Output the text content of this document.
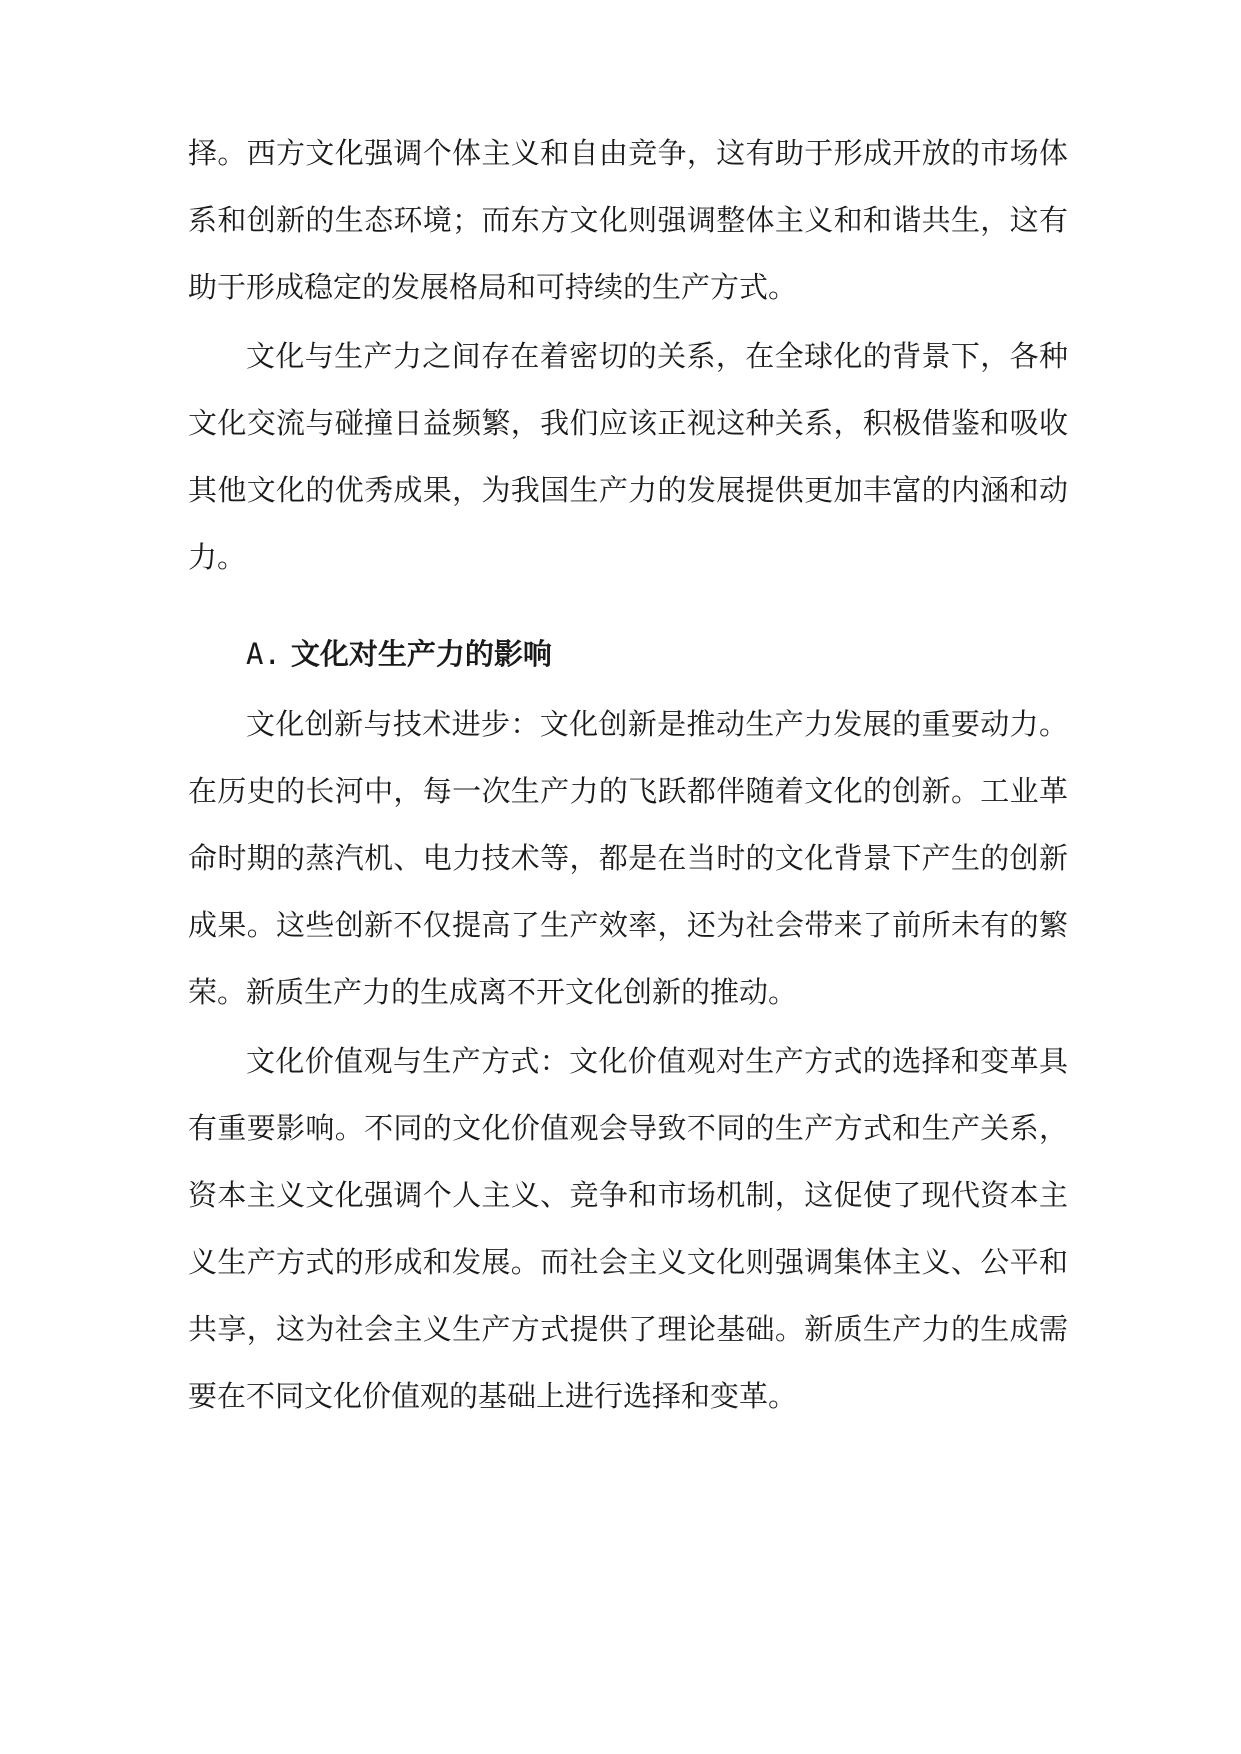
择。西方文化强调个体主义和自由竞争，这有助于形成开放的市场体
系和创新的生态环境；而东方文化则强调整体主义和和谐共生，这有
助于形成稳定的发展格局和可持续的生产方式。
文化与生产力之间存在着密切的关系，在全球化的背景下，各种
文化交流与碰撞日益频繁，我们应该正视这种关系，积极借鉴和吸收
其他文化的优秀成果，为我国生产力的发展提供更加丰富的内涵和动
力。
A. 文化对生产力的影响
文化创新与技术进步：文化创新是推动生产力发展的重要动力。
在历史的长河中，每一次生产力的飞跃都伴随着文化的创新。工业革
命时期的蒸汽机、电力技术等，都是在当时的文化背景下产生的创新
成果。这些创新不仅提高了生产效率，还为社会带来了前所未有的繁
荣。新质生产力的生成离不开文化创新的推动。
文化价值观与生产方式：文化价值观对生产方式的选择和变革具
有重要影响。不同的文化价值观会导致不同的生产方式和生产关系，
资本主义文化强调个人主义、竞争和市场机制，这促使了现代资本主
义生产方式的形成和发展。而社会主义文化则强调集体主义、公平和
共享，这为社会主义生产方式提供了理论基础。新质生产力的生成需
要在不同文化价值观的基础上进行选择和变革。
